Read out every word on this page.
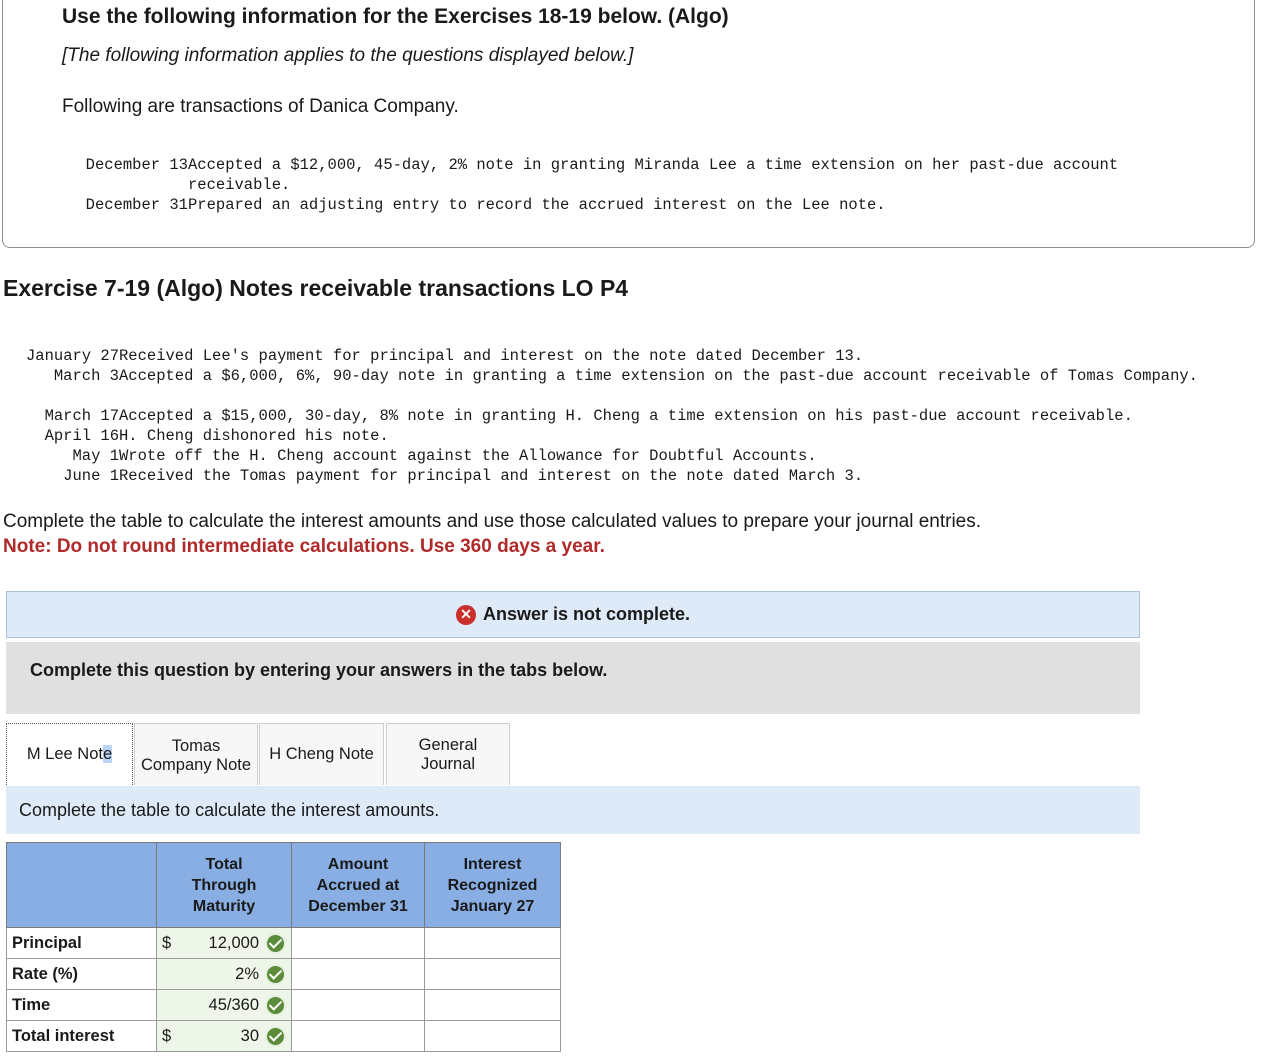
Use the following information for the Exercises 18-19 below. (Algo)
[The following information applies to the questions displayed below.]
Following are transactions of Danica Company.
December 13 Accepted a $12,000, 45-day, 2% note in granting Miranda Lee a time extension on her past-due account receivable.
December 31 Prepared an adjusting entry to record the accrued interest on the Lee note.
Exercise 7-19 (Algo) Notes receivable transactions LO P4
January 27 Received Lee's payment for principal and interest on the note dated December 13.
March 3 Accepted a $6,000, 6%, 90-day note in granting a time extension on the past-due account receivable of Tomas Company.
March 17 Accepted a $15,000, 30-day, 8% note in granting H. Cheng a time extension on his past-due account receivable.
April 16 H. Cheng dishonored his note.
May 1 Wrote off the H. Cheng account against the Allowance for Doubtful Accounts.
June 1 Received the Tomas payment for principal and interest on the note dated March 3.
Complete the table to calculate the interest amounts and use those calculated values to prepare your journal entries.
Note: Do not round intermediate calculations. Use 360 days a year.
✕ Answer is not complete.
Complete this question by entering your answers in the tabs below.
M Lee Note	Tomas Company Note
H Cheng Note
General Journal
Complete the table to calculate the interest amounts.
	Total Through Maturity	Amount Accrued at December 31	Interest Recognized January 27
Principal	$ 12,000		

Rate (%)	2%		

Time	45/360		

Total interest	$ 30		
